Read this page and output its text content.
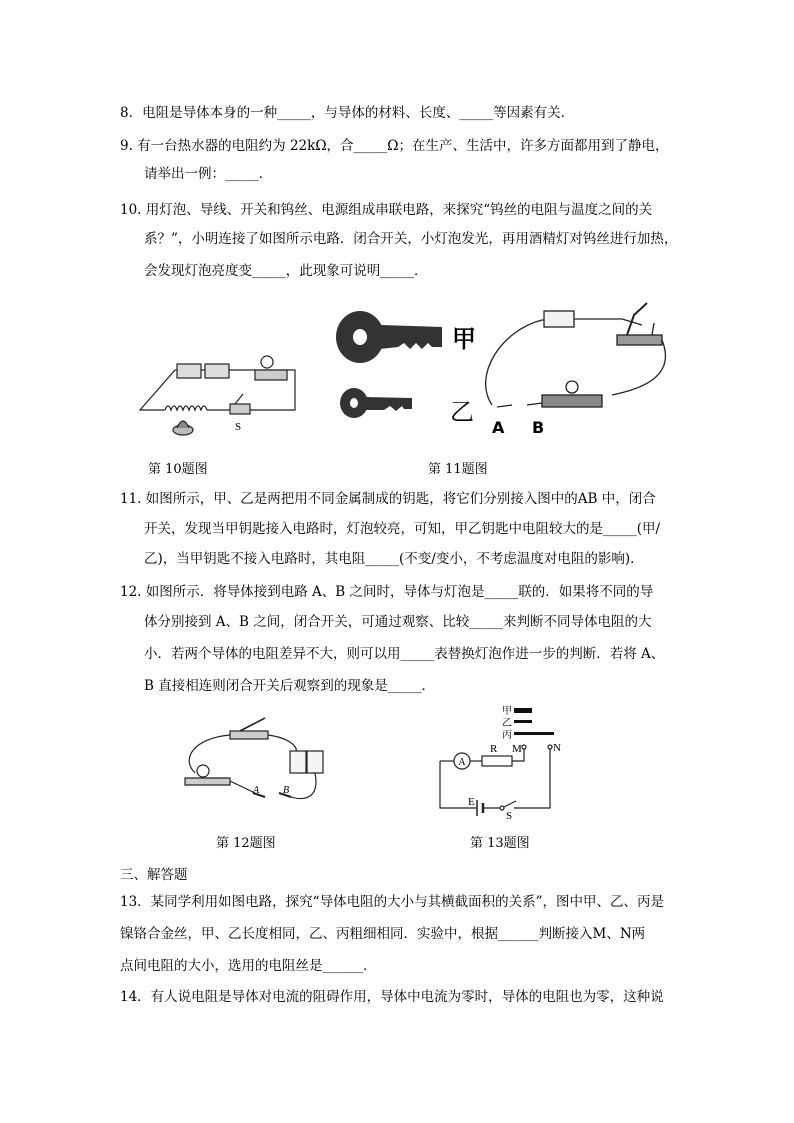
8．电阻是导体本身的一种_____，与导体的材料、长度、_____等因素有关．
9. 有一台热水器的电阻约为 22kΩ，合_____Ω；在生产、生活中，许多方面都用到了静电，
请举出一例：_____．
10. 用灯泡、导线、开关和钨丝、电源组成串联电路，来探究“钨丝的电阻与温度之间的关
系？”，小明连接了如图所示电路．闭合开关，小灯泡发光，再用酒精灯对钨丝进行加热，
会发现灯泡亮度变_____，此现象可说明_____．
S
第 10题图
甲
乙
A B
第 11题图
11. 如图所示，甲、乙是两把用不同金属制成的钥匙，将它们分别接入图中的AB 中，闭合
开关，发现当甲钥匙接入电路时，灯泡较亮，可知，甲乙钥匙中电阻较大的是_____(甲/
乙)，当甲钥匙不接入电路时，其电阻_____(不变/变小，不考虑温度对电阻的影响)．
12. 如图所示．将导体接到电路 A、B 之间时，导体与灯泡是_____联的．如果将不同的导
体分别接到 A、B 之间，闭合开关，可通过观察、比较_____来判断不同导体电阻的大
小．若两个导体的电阻差异不大，则可以用_____表替换灯泡作进一步的判断．若将 A、
B 直接相连则闭合开关后观察到的现象是_____．
A B
第 12题图
甲
乙
丙
A
R M	N
E
S
第 13题图
三、解答题
13．某同学利用如图电路，探究“导体电阻的大小与其横截面积的关系”，图中甲、乙、丙是
镍铬合金丝，甲、乙长度相同，乙、丙粗细相同．实验中，根据______判断接入M、N两
点间电阻的大小，选用的电阻丝是______．
14．有人说电阻是导体对电流的阻碍作用，导体中电流为零时，导体的电阻也为零，这种说
